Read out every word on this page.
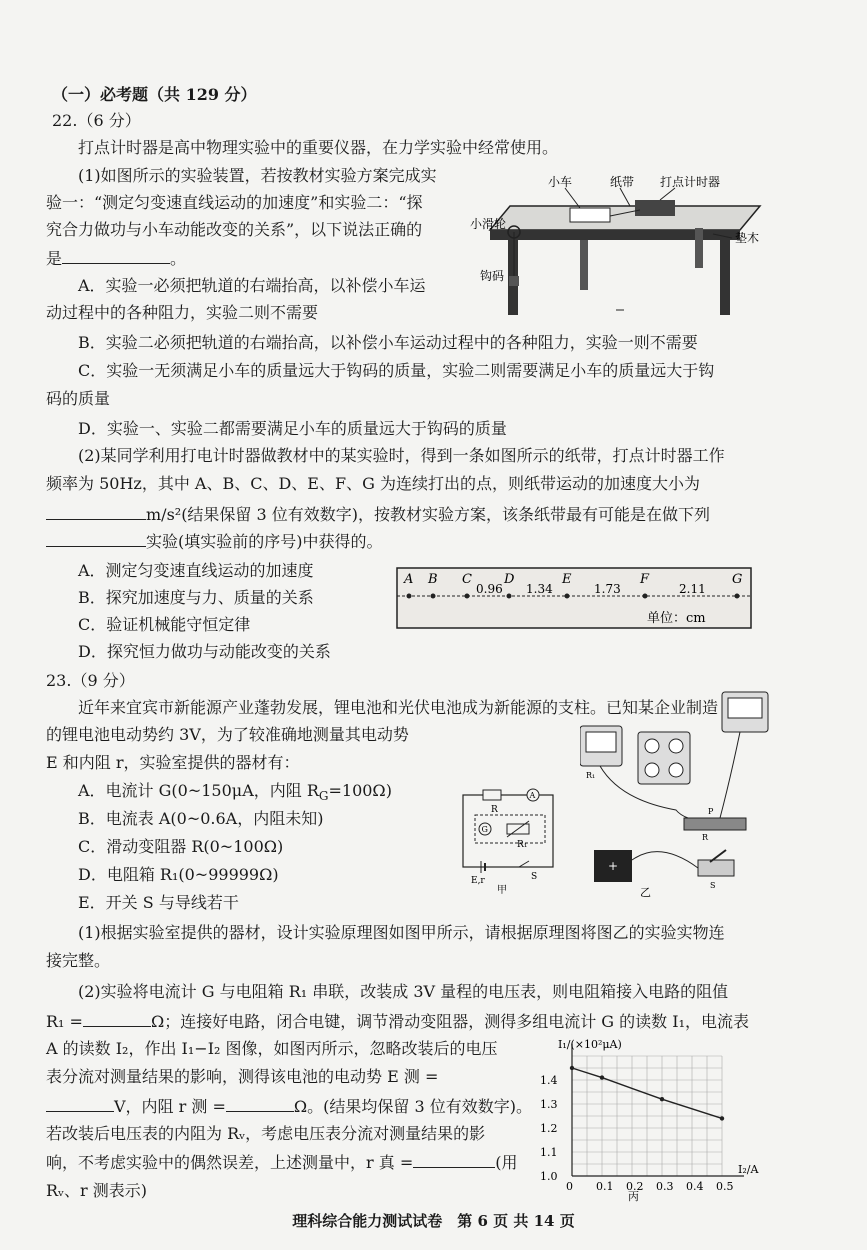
（一）必考题（共 129 分）
22.（6 分）
打点计时器是高中物理实验中的重要仪器，在力学实验中经常使用。
(1)如图所示的实验装置，若按教材实验方案完成实
验一：“测定匀变速直线运动的加速度”和实验二：“探
究合力做功与小车动能改变的关系”，以下说法正确的
是	。
A．实验一必须把轨道的右端抬高，以补偿小车运
动过程中的各种阻力，实验二则不需要
B．实验二必须把轨道的右端抬高，以补偿小车运动过程中的各种阻力，实验一则不需要
C．实验一无须满足小车的质量远大于钩码的质量，实验二则需要满足小车的质量远大于钩
码的质量
D．实验一、实验二都需要满足小车的质量远大于钩码的质量
小车	纸带 打点计时器
小滑轮
垫木
钩码
(2)某同学利用打电计时器做教材中的某实验时，得到一条如图所示的纸带，打点计时器工作
频率为 50Hz，其中 A、B、C、D、E、F、G 为连续打出的点，则纸带运动的加速度大小为
m/s²(结果保留 3 位有效数字)，按教材实验方案，该条纸带最有可能是在做下列
实验(填实验前的序号)中获得的。
A．测定匀变速直线运动的加速度
B．探究加速度与力、质量的关系
C．验证机械能守恒定律
D．探究恒力做功与动能改变的关系
A B C D	E	F	G
0.96 1.34	1.73	2.11
单位：cm
23.（9 分）
近年来宜宾市新能源产业蓬勃发展，锂电池和光伏电池成为新能源的支柱。已知某企业制造
的锂电池电动势约 3V，为了较准确地测量其电动势
E 和内阻 r，实验室提供的器材有：
A．电流计 G(0~150μA，内阻 $R_G=100\Omega$)
B．电流表 A(0~0.6A，内阻未知)
C．滑动变阻器 R(0~100Ω)
D．电阻箱 R₁(0~99999Ω)
E．开关 S 与导线若干
A
G
R
R₁
E,r	S
甲
+
R₁
P
R
S
乙
(1)根据实验室提供的器材，设计实验原理图如图甲所示，请根据原理图将图乙的实验实物连
接完整。
(2)实验将电流计 G 与电阻箱 R₁ 串联，改装成 3V 量程的电压表，则电阻箱接入电路的阻值
R₁ =	Ω；连接好电路，闭合电键，调节滑动变阻器，测得多组电流计 G 的读数 I₁，电流表
A 的读数 I₂，作出 I₁−I₂ 图像，如图丙所示，忽略改装后的电压
表分流对测量结果的影响，测得该电池的电动势 E 测 =
V，内阻 r 测 =	Ω。(结果均保留 3 位有效数字)。
若改装后电压表的内阻为 Rᵥ，考虑电压表分流对测量结果的影
响，不考虑实验中的偶然误差，上述测量中，r 真 =	(用
Rᵥ、r 测表示)
1.0
1.1
1.2
1.3
1.4
0 0.1 0.2 0.3 0.4 0.5
I₁/(×10²μA)
I₂/A
丙
理科综合能力测试试卷　第 6 页 共 14 页
